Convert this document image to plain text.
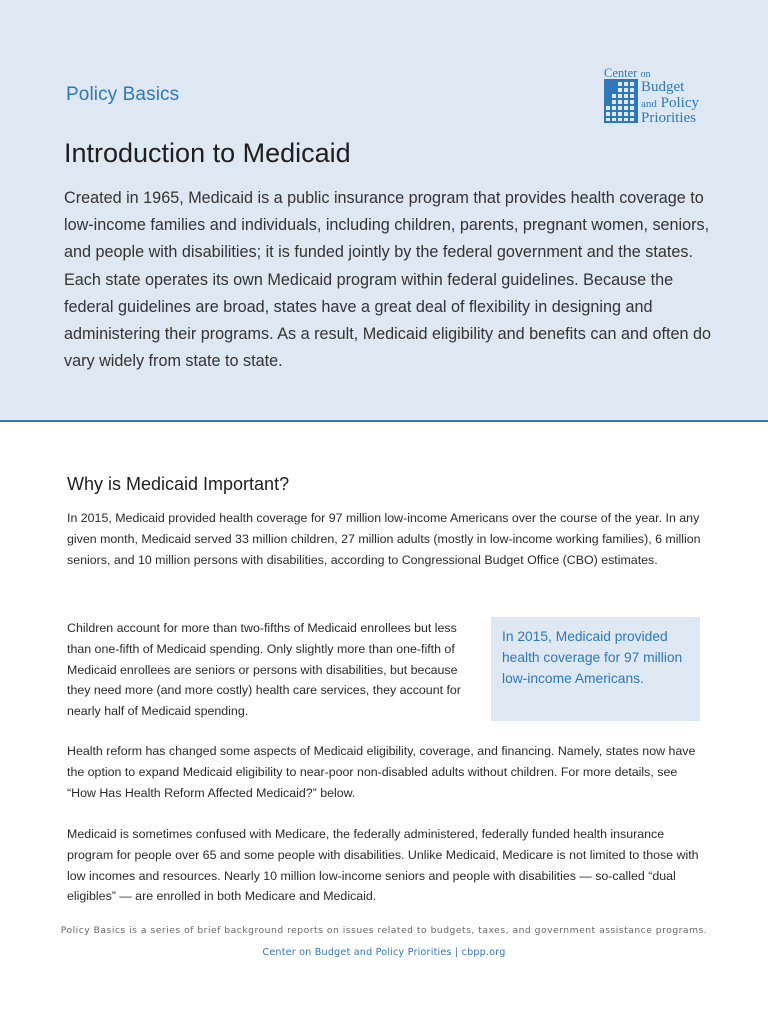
Policy Basics
Center on
Budget
and Policy
Priorities
Introduction to Medicaid

Created in 1965, Medicaid is a public insurance program that provides health coverage to low-income families and individuals, including children, parents, pregnant women, seniors, and people with disabilities; it is funded jointly by the federal government and the states. Each state operates its own Medicaid program within federal guidelines. Because the federal guidelines are broad, states have a great deal of flexibility in designing and administering their programs. As a result, Medicaid eligibility and benefits can and often do vary widely from state to state.

Why is Medicaid Important?

In 2015, Medicaid provided health coverage for 97 million low-income Americans over the course of the year. In any given month, Medicaid served 33 million children, 27 million adults (mostly in low-income working families), 6 million seniors, and 10 million persons with disabilities, according to Congressional Budget Office (CBO) estimates.

Children account for more than two-fifths of Medicaid enrollees but less than one-fifth of Medicaid spending. Only slightly more than one-fifth of Medicaid enrollees are seniors or persons with disabilities, but because they need more (and more costly) health care services, they account for nearly half of Medicaid spending.

In 2015, Medicaid provided health coverage for 97 million low-income Americans.

Health reform has changed some aspects of Medicaid eligibility, coverage, and financing. Namely, states now have the option to expand Medicaid eligibility to near-poor non-disabled adults without children. For more details, see “How Has Health Reform Affected Medicaid?” below.

Medicaid is sometimes confused with Medicare, the federally administered, federally funded health insurance program for people over 65 and some people with disabilities. Unlike Medicaid, Medicare is not limited to those with low incomes and resources. Nearly 10 million low-income seniors and people with disabilities — so-called “dual eligibles” — are enrolled in both Medicare and Medicaid.

Policy Basics is a series of brief background reports on issues related to budgets, taxes, and government assistance programs.
Center on Budget and Policy Priorities | cbpp.org
